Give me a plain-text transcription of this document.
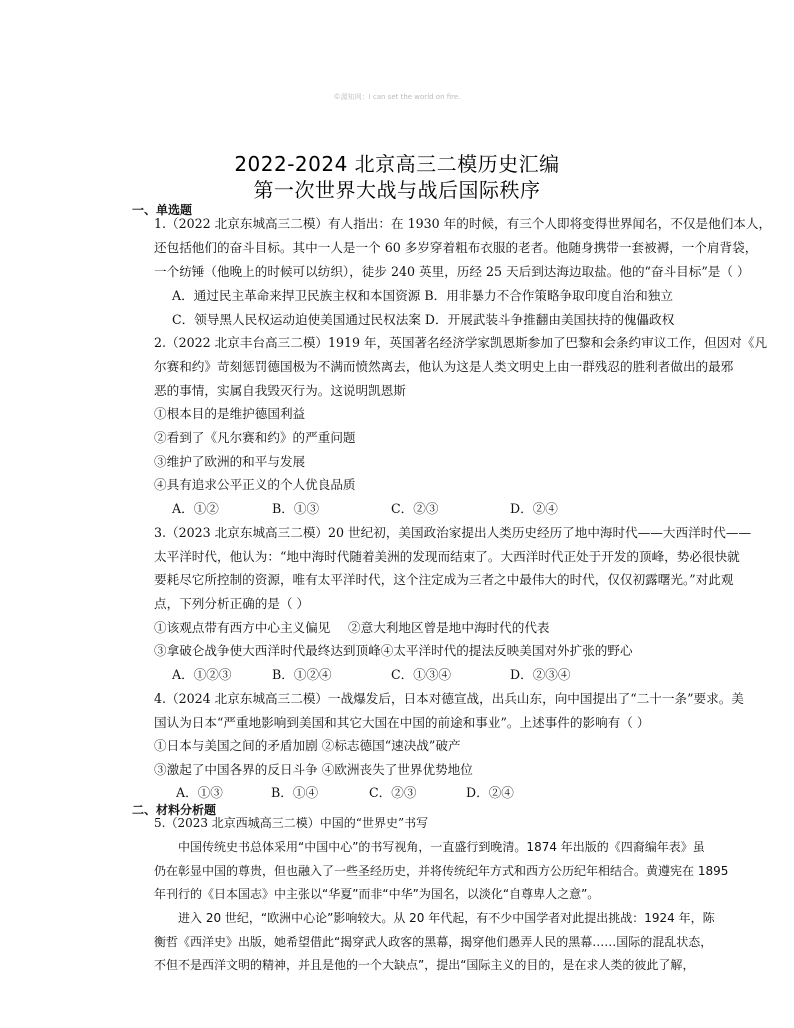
©源知网：I can set the world on fire.
2022-2024 北京高三二模历史汇编
第一次世界大战与战后国际秩序
一、单选题
1.（2022 北京东城高三二模）有人指出：在 1930 年的时候，有三个人即将变得世界闻名，不仅是他们本人，
还包括他们的奋斗目标。其中一人是一个 60 多岁穿着粗布衣服的老者。他随身携带一套被褥，一个肩背袋，
一个纺锤（他晚上的时候可以纺织），徒步 240 英里，历经 25 天后到达海边取盐。他的“奋斗目标”是（ ）
A．通过民主革命来捍卫民族主权和本国资源 B．用非暴力不合作策略争取印度自治和独立
C．领导黑人民权运动迫使美国通过民权法案 D．开展武装斗争推翻由美国扶持的傀儡政权
2.（2022 北京丰台高三二模）1919 年，英国著名经济学家凯恩斯参加了巴黎和会条约审议工作，但因对《凡
尔赛和约》苛刻惩罚德国极为不满而愤然离去，他认为这是人类文明史上由一群残忍的胜利者做出的最邪
恶的事情，实属自我毁灭行为。这说明凯恩斯
①根本目的是维护德国利益
②看到了《凡尔赛和约》的严重问题
③维护了欧洲的和平与发展
④具有追求公平正义的个人优良品质
A．①②	B．①③	C．②③	D．②④
3.（2023 北京东城高三二模）20 世纪初，美国政治家提出人类历史经历了地中海时代——大西洋时代——
太平洋时代，他认为：“地中海时代随着美洲的发现而结束了。大西洋时代正处于开发的顶峰，势必很快就
要耗尽它所控制的资源，唯有太平洋时代，这个注定成为三者之中最伟大的时代，仅仅初露曙光。”对此观
点，下列分析正确的是（ ）
①该观点带有西方中心主义偏见 ②意大利地区曾是地中海时代的代表
③拿破仑战争使大西洋时代最终达到顶峰④太平洋时代的提法反映美国对外扩张的野心
A．①②③	B．①②④	C．①③④	D．②③④
4.（2024 北京东城高三二模）一战爆发后，日本对德宣战，出兵山东，向中国提出了“二十一条”要求。美
国认为日本“严重地影响到美国和其它大国在中国的前途和事业”。上述事件的影响有（ ）
①日本与美国之间的矛盾加剧 ②标志德国“速决战”破产
③激起了中国各界的反日斗争 ④欧洲丧失了世界优势地位
A．①③	B．①④	C．②③	D．②④
二、材料分析题
5.（2023 北京西城高三二模）中国的“世界史”书写
中国传统史书总体采用“中国中心”的书写视角，一直盛行到晚清。1874 年出版的《四裔编年表》虽
仍在彰显中国的尊贵，但也融入了一些圣经历史，并将传统纪年方式和西方公历纪年相结合。黄遵宪在 1895
年刊行的《日本国志》中主张以“华夏”而非“中华”为国名，以淡化“自尊卑人之意”。
进入 20 世纪，“欧洲中心论”影响较大。从 20 年代起，有不少中国学者对此提出挑战：1924 年，陈
衡哲《西洋史》出版，她希望借此“揭穿武人政客的黑幕，揭穿他们愚弄人民的黑幕……国际的混乱状态，
不但不是西洋文明的精神，并且是他的一个大缺点”，提出“国际主义的目的，是在求人类的彼此了解，
